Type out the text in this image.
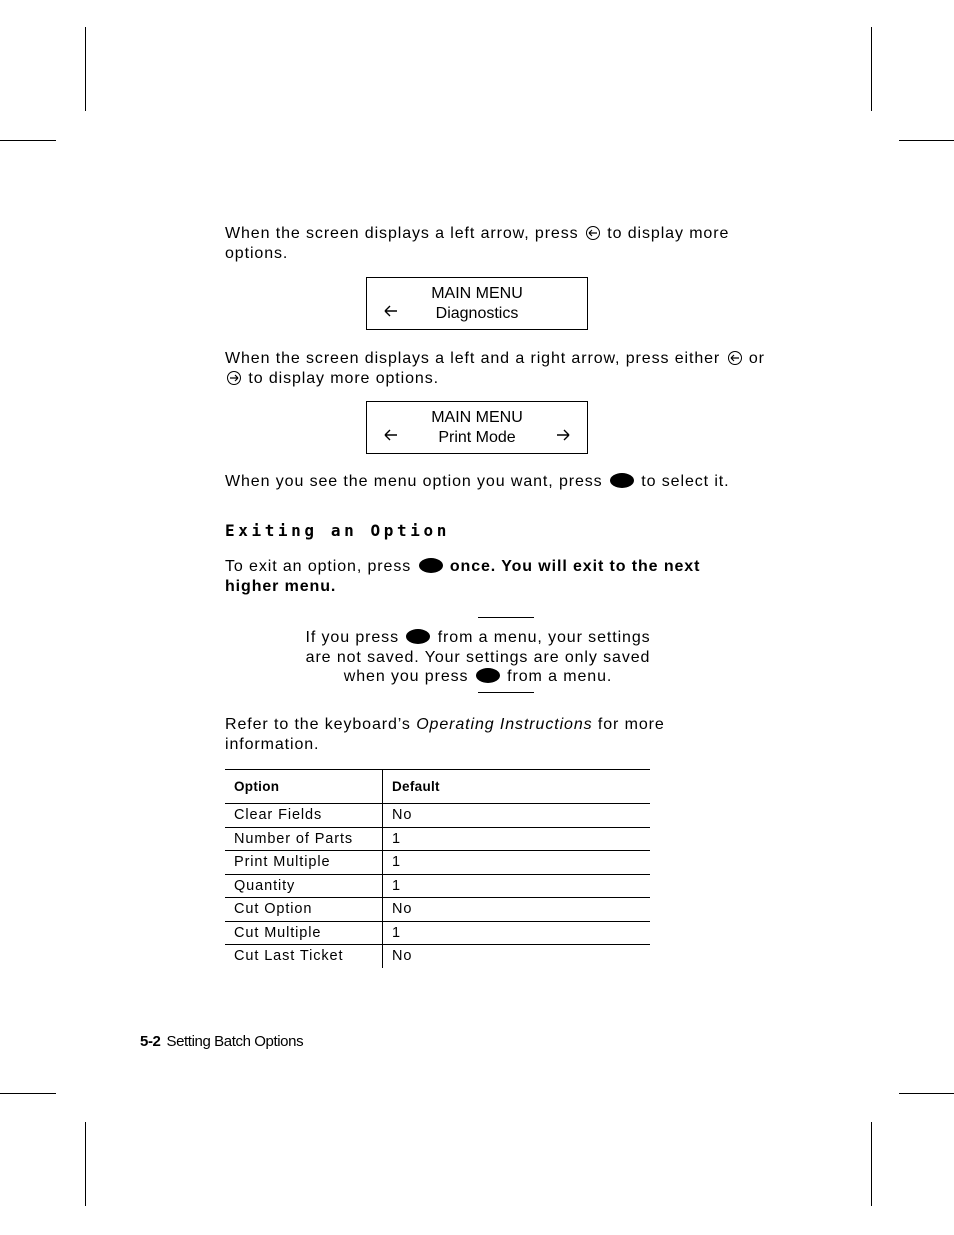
When the screen displays a left arrow, press to display more options.

MAIN MENU
Diagnostics

When the screen displays a left and a right arrow, press either or
to display more options.

MAIN MENU
Print Mode

When you see the menu option you want, press to select it.

Exiting an Option

To exit an option, press once. You will exit to the next higher menu.

If you press from a menu, your settings are not saved. Your settings are only saved when you press from a menu.

Refer to the keyboard’s Operating Instructions for more information.

Option	Default
Clear Fields	No
Number of Parts	1
Print Multiple	1
Quantity	1
Cut Option	No
Cut Multiple	1
Cut Last Ticket	No
5-2 Setting Batch Options
